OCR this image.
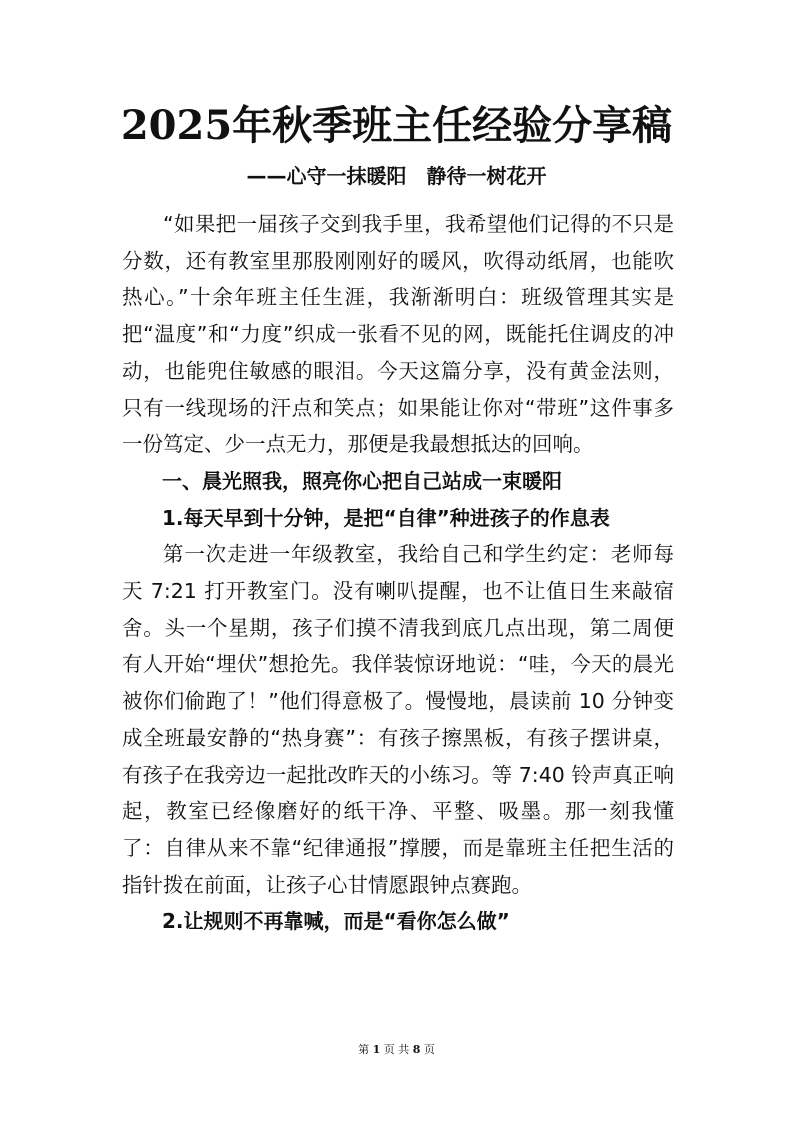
2025年秋季班主任经验分享稿
——心守一抹暖阳　静待一树花开

“如果把一届孩子交到我手里，我希望他们记得的不只是分数，还有教室里那股刚刚好的暖风，吹得动纸屑，也能吹热心。”十余年班主任生涯，我渐渐明白：班级管理其实是把“温度”和“力度”织成一张看不见的网，既能托住调皮的冲动，也能兜住敏感的眼泪。今天这篇分享，没有黄金法则，只有一线现场的汗点和笑点；如果能让你对“带班”这件事多一份笃定、少一点无力，那便是我最想抵达的回响。

一、晨光照我，照亮你心把自己站成一束暖阳

1.每天早到十分钟，是把“自律”种进孩子的作息表

第一次走进一年级教室，我给自己和学生约定：老师每天 7:21 打开教室门。没有喇叭提醒，也不让值日生来敲宿舍。头一个星期，孩子们摸不清我到底几点出现，第二周便有人开始“埋伏”想抢先。我佯装惊讶地说：“哇，今天的晨光被你们偷跑了！”他们得意极了。慢慢地，晨读前 10 分钟变成全班最安静的“热身赛”：有孩子擦黑板，有孩子摆讲桌，有孩子在我旁边一起批改昨天的小练习。等 7:40 铃声真正响起，教室已经像磨好的纸干净、平整、吸墨。那一刻我懂了：自律从来不靠“纪律通报”撑腰，而是靠班主任把生活的指针拨在前面，让孩子心甘情愿跟钟点赛跑。

2.让规则不再靠喊，而是“看你怎么做”

第 1 页 共 8 页
